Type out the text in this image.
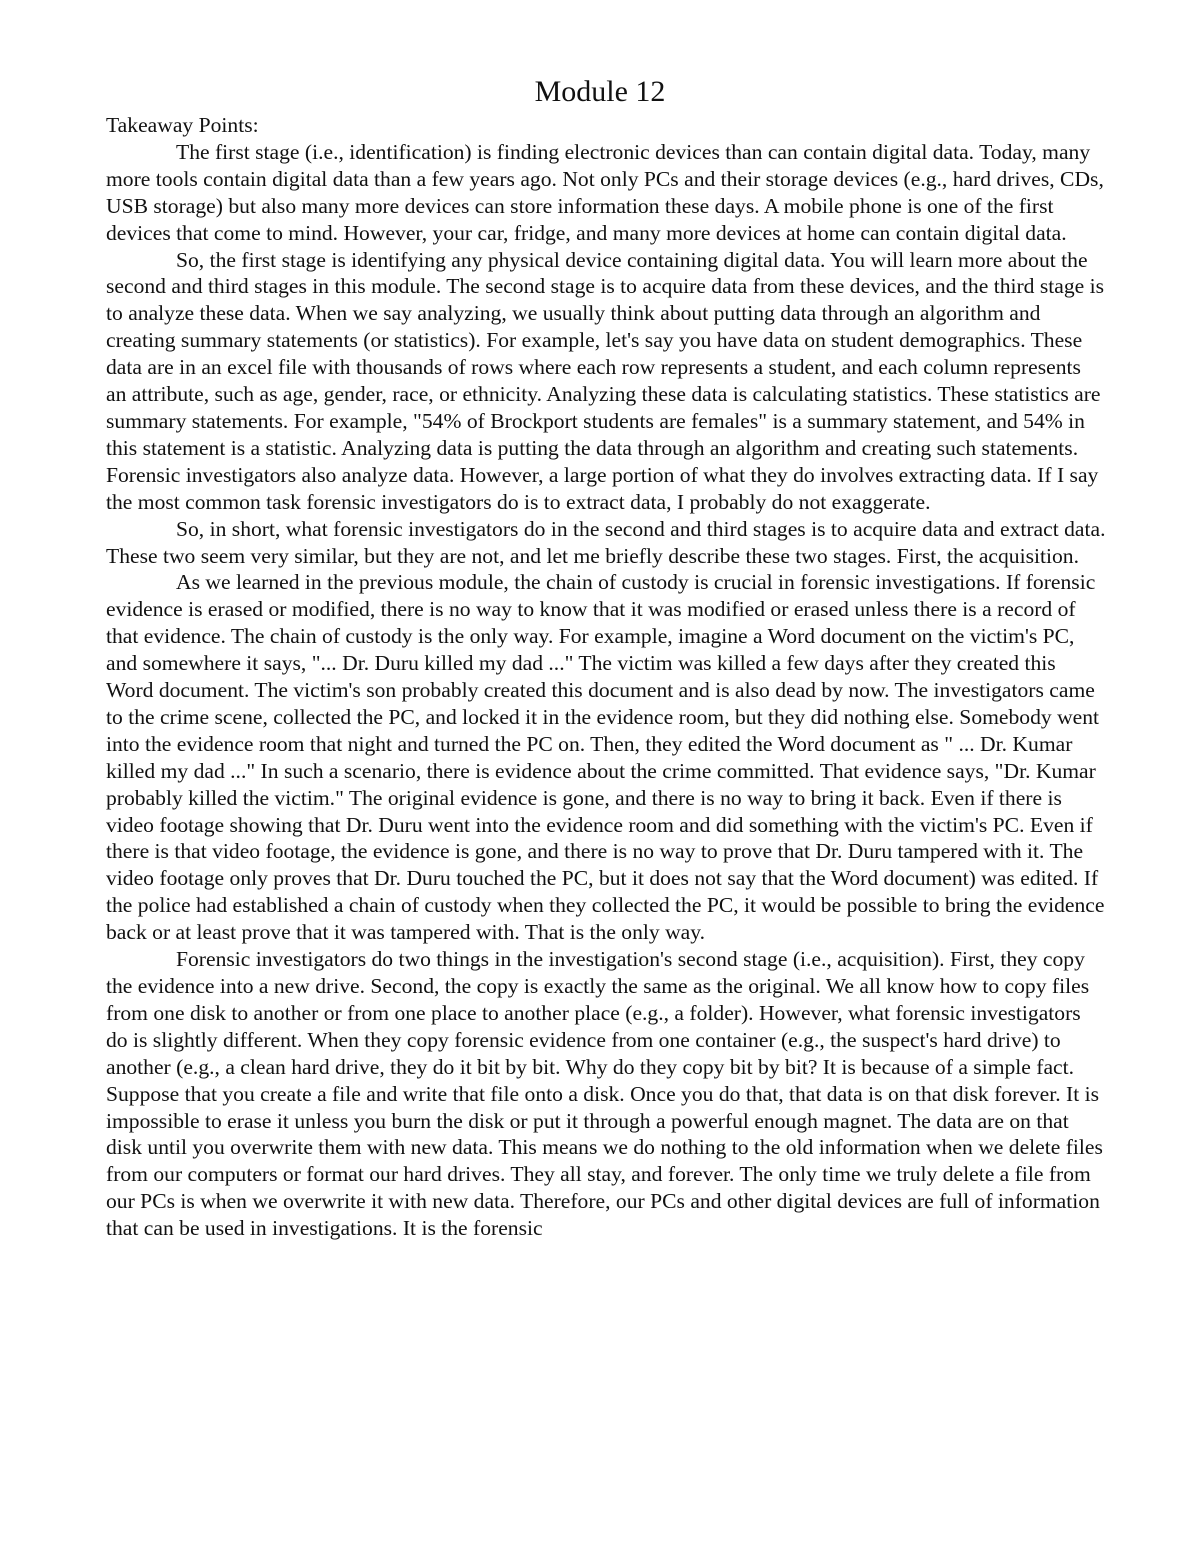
Module 12

Takeaway Points:

The first stage (i.e., identification) is finding electronic devices than can contain digital data. Today, many more tools contain digital data than a few years ago. Not only PCs and their storage devices (e.g., hard drives, CDs, USB storage) but also many more devices can store information these days. A mobile phone is one of the first devices that come to mind. However, your car, fridge, and many more devices at home can contain digital data.

So, the first stage is identifying any physical device containing digital data. You will learn more about the second and third stages in this module. The second stage is to acquire data from these devices, and the third stage is to analyze these data. When we say analyzing, we usually think about putting data through an algorithm and creating summary statements (or statistics). For example, let's say you have data on student demographics. These data are in an excel file with thousands of rows where each row represents a student, and each column represents an attribute, such as age, gender, race, or ethnicity. Analyzing these data is calculating statistics. These statistics are summary statements. For example, "54% of Brockport students are females" is a summary statement, and 54% in this statement is a statistic. Analyzing data is putting the data through an algorithm and creating such statements. Forensic investigators also analyze data. However, a large portion of what they do involves extracting data. If I say the most common task forensic investigators do is to extract data, I probably do not exaggerate.

So, in short, what forensic investigators do in the second and third stages is to acquire data and extract data. These two seem very similar, but they are not, and let me briefly describe these two stages. First, the acquisition.

As we learned in the previous module, the chain of custody is crucial in forensic investigations. If forensic evidence is erased or modified, there is no way to know that it was modified or erased unless there is a record of that evidence. The chain of custody is the only way. For example, imagine a Word document on the victim's PC, and somewhere it says, "... Dr. Duru killed my dad ..." The victim was killed a few days after they created this Word document. The victim's son probably created this document and is also dead by now. The investigators came to the crime scene, collected the PC, and locked it in the evidence room, but they did nothing else. Somebody went into the evidence room that night and turned the PC on. Then, they edited the Word document as " ... Dr. Kumar killed my dad ..." In such a scenario, there is evidence about the crime committed. That evidence says, "Dr. Kumar probably killed the victim." The original evidence is gone, and there is no way to bring it back. Even if there is video footage showing that Dr. Duru went into the evidence room and did something with the victim's PC. Even if there is that video footage, the evidence is gone, and there is no way to prove that Dr. Duru tampered with it. The video footage only proves that Dr. Duru touched the PC, but it does not say that the Word document) was edited. If the police had established a chain of custody when they collected the PC, it would be possible to bring the evidence back or at least prove that it was tampered with. That is the only way.

Forensic investigators do two things in the investigation's second stage (i.e., acquisition). First, they copy the evidence into a new drive. Second, the copy is exactly the same as the original. We all know how to copy files from one disk to another or from one place to another place (e.g., a folder). However, what forensic investigators do is slightly different. When they copy forensic evidence from one container (e.g., the suspect's hard drive) to another (e.g., a clean hard drive, they do it bit by bit. Why do they copy bit by bit? It is because of a simple fact. Suppose that you create a file and write that file onto a disk. Once you do that, that data is on that disk forever. It is impossible to erase it unless you burn the disk or put it through a powerful enough magnet. The data are on that disk until you overwrite them with new data. This means we do nothing to the old information when we delete files from our computers or format our hard drives. They all stay, and forever. The only time we truly delete a file from our PCs is when we overwrite it with new data. Therefore, our PCs and other digital devices are full of information that can be used in investigations. It is the forensic
